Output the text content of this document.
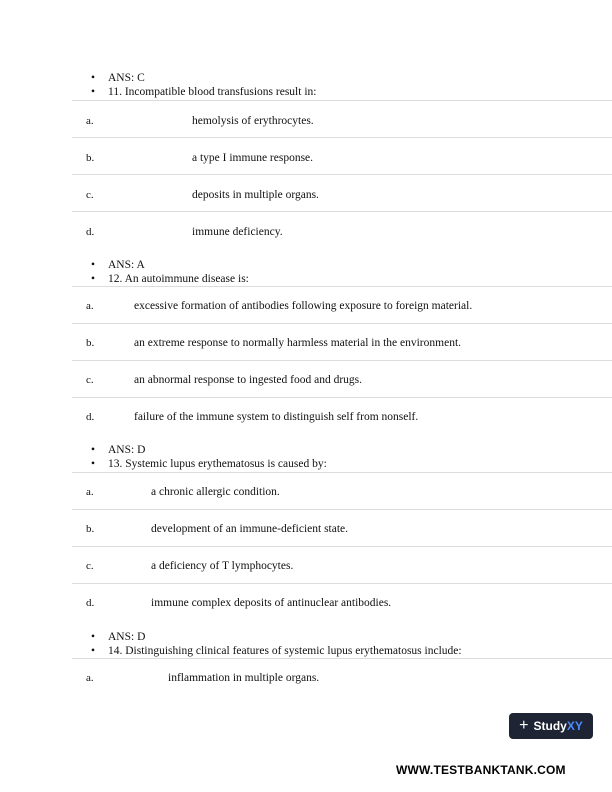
• ANS: C
• 11. Incompatible blood transfusions result in:
a.	hemolysis of erythrocytes.
b.	a type I immune response.
c.	deposits in multiple organs.
d.	immune deficiency.
• ANS: A
• 12. An autoimmune disease is:
a.	excessive formation of antibodies following exposure to foreign material.
b.	an extreme response to normally harmless material in the environment.
c.	an abnormal response to ingested food and drugs.
d.	failure of the immune system to distinguish self from nonself.
• ANS: D
• 13. Systemic lupus erythematosus is caused by:
a.	a chronic allergic condition.
b.	development of an immune-deficient state.
c.	a deficiency of T lymphocytes.
d.	immune complex deposits of antinuclear antibodies.
• ANS: D
• 14. Distinguishing clinical features of systemic lupus erythematosus include:
a.	inflammation in multiple organs.
+ Study XY
WWW.TESTBANKTANK.COM
